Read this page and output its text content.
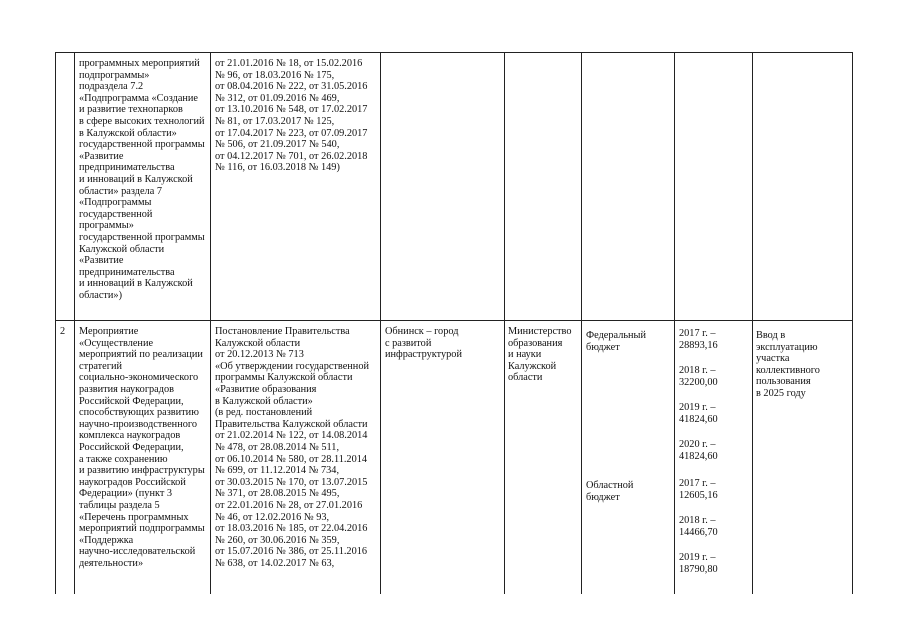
программных мероприятий
подпрограммы»
подраздела 7.2
«Подпрограмма «Создание
и развитие технопарков
в сфере высоких технологий
в Калужской области»
государственной программы
«Развитие
предпринимательства
и инноваций в Калужской
области» раздела 7
«Подпрограммы
государственной
программы»
государственной программы
Калужской области
«Развитие
предпринимательства
и инноваций в Калужской
области»)
от 21.01.2016 № 18, от 15.02.2016
№ 96, от 18.03.2016 № 175,
от 08.04.2016 № 222, от 31.05.2016
№ 312, от 01.09.2016 № 469,
от 13.10.2016 № 548, от 17.02.2017
№ 81, от 17.03.2017 № 125,
от 17.04.2017 № 223, от 07.09.2017
№ 506, от 21.09.2017 № 540,
от 04.12.2017 № 701, от 26.02.2018
№ 116, от 16.03.2018 № 149)
2	Мероприятие
«Осуществление
мероприятий по реализации
стратегий
социально-экономического
развития наукоградов
Российской Федерации,
способствующих развитию
научно-производственного
комплекса наукоградов
Российской Федерации,
а также сохранению
и развитию инфраструктуры
наукоградов Российской
Федерации» (пункт 3
таблицы раздела 5
«Перечень программных
мероприятий подпрограммы
«Поддержка
научно-исследовательской
деятельности»
Постановление Правительства
Калужской области
от 20.12.2013 № 713
«Об утверждении государственной
программы Калужской области
«Развитие образования
в Калужской области»
(в ред. постановлений
Правительства Калужской области
от 21.02.2014 № 122, от 14.08.2014
№ 478, от 28.08.2014 № 511,
от 06.10.2014 № 580, от 28.11.2014
№ 699, от 11.12.2014 № 734,
от 30.03.2015 № 170, от 13.07.2015
№ 371, от 28.08.2015 № 495,
от 22.01.2016 № 28, от 27.01.2016
№ 46, от 12.02.2016 № 93,
от 18.03.2016 № 185, от 22.04.2016
№ 260, от 30.06.2016 № 359,
от 15.07.2016 № 386, от 25.11.2016
№ 638, от 14.02.2017 № 63,
Обнинск – город
с развитой
инфраструктурой
Министерство
образования
и науки
Калужской
области
Федеральный
бюджет
Областной
бюджет
2017 г. –
28893,16
2018 г. –
32200,00
2019 г. –
41824,60
2020 г. –
41824,60
2017 г. –
12605,16
2018 г. –
14466,70
2019 г. –
18790,80
Ввод в
эксплуатацию
участка
коллективного
пользования
в 2025 году
